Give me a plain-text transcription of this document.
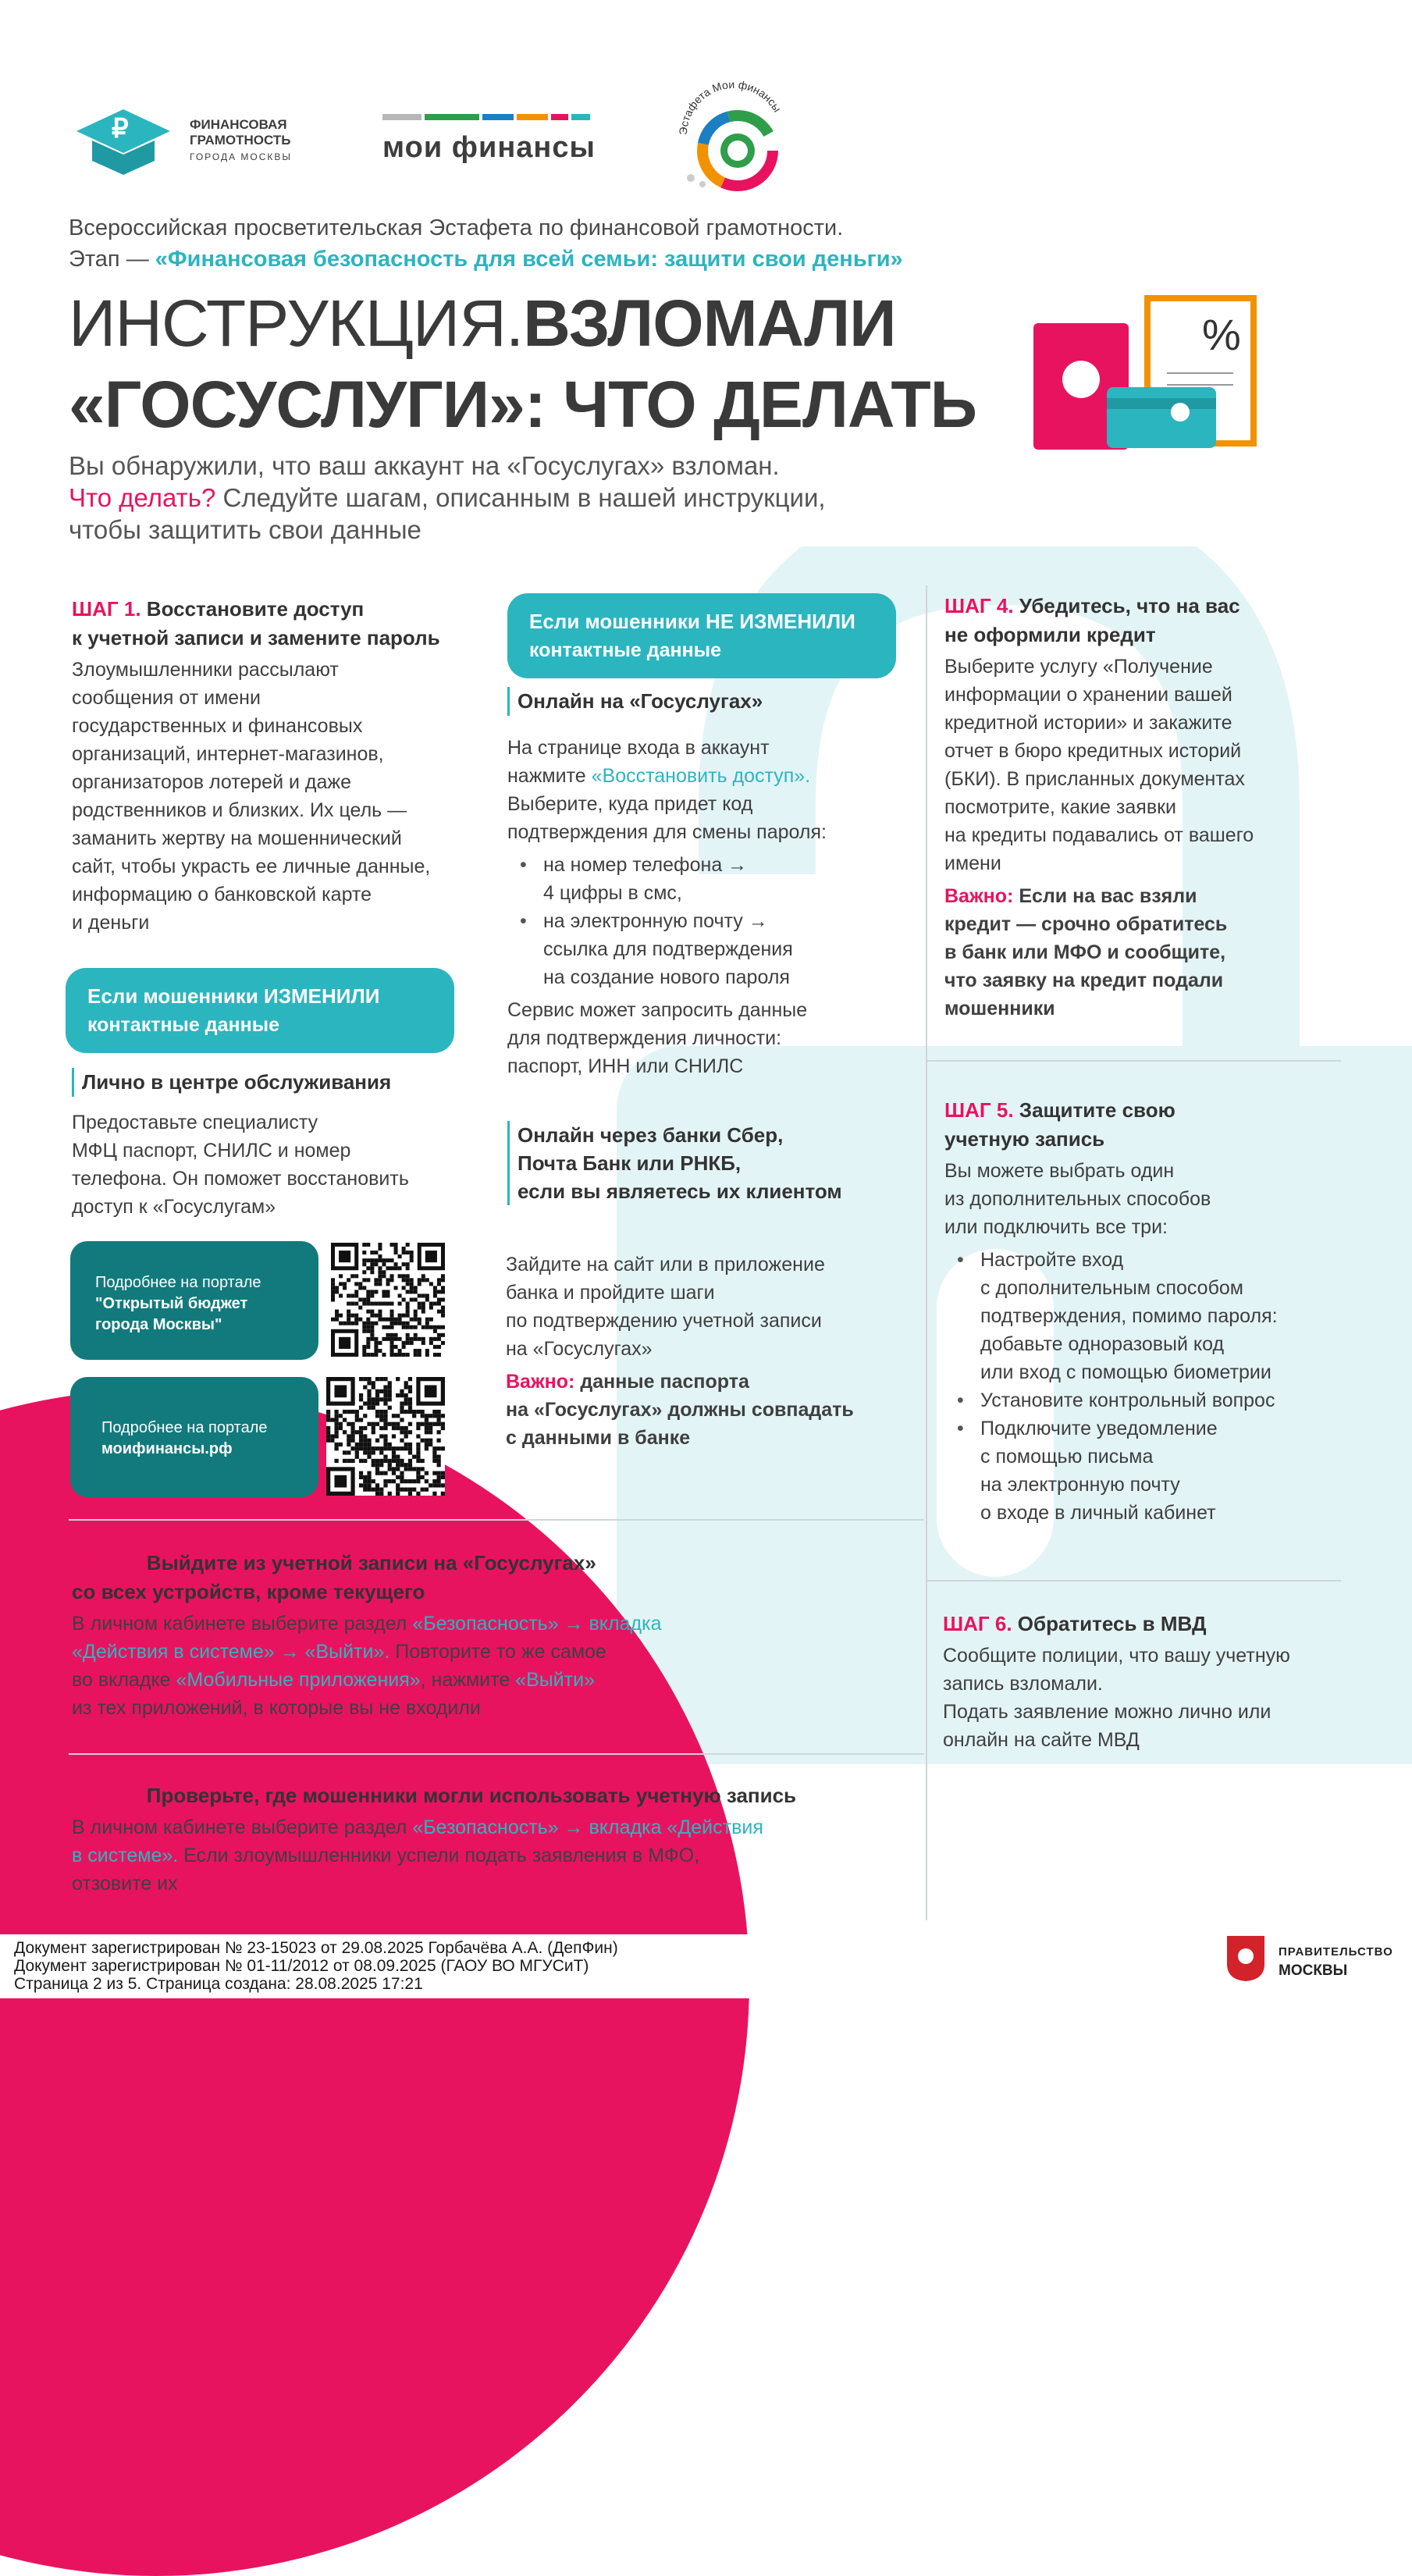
₽	ФИНАНСОВАЯ
ГРАМОТНОСТЬ
ГОРОДА МОСКВЫ	мои финансы
Эстафета Мои финансы
Всероссийская просветительская Эстафета по финансовой грамотности.
Этап — «Финансовая безопасность для всей семьи: защити свои деньги»
ИНСТРУКЦИЯ.ВЗЛОМАЛИ
«ГОСУСЛУГИ»: ЧТО ДЕЛАТЬ
%
Вы обнаружили, что ваш аккаунт на «Госуслугах» взломан.
Что делать? Следуйте шагам, описанным в нашей инструкции,
чтобы защитить свои данные

ШАГ 1. Восстановите доступ
к учетной записи и замените пароль

Злоумышленники рассылают
сообщения от имени
государственных и финансовых
организаций, интернет-магазинов,
организаторов лотерей и даже
родственников и близких. Их цель —
заманить жертву на мошеннический
сайт, чтобы украсть ее личные данные,
информацию о банковской карте
и деньги
Если мошенники ИЗМЕНИЛИ
контактные данные
Лично в центре обслуживания
Предоставьте специалисту
МФЦ паспорт, СНИЛС и номер
телефона. Он поможет восстановить
доступ к «Госуслугам»
Подробнее на портале
"Открытый бюджет
города Москвы"
Подробнее на портале
моифинансы.рф
Если мошенники НЕ ИЗМЕНИЛИ
контактные данные
Онлайн на «Госуслугах»
На странице входа в аккаунт
нажмите «Восстановить доступ».
Выберите, куда придет код
подтверждения для смены пароля:
• на номер телефона →
4 цифры в смс,
• на электронную почту →
ссылка для подтверждения
на создание нового пароля
Сервис может запросить данные
для подтверждения личности:
паспорт, ИНН или СНИЛС
Онлайн через банки Сбер,
Почта Банк или РНКБ,
если вы являетесь их клиентом
Зайдите на сайт или в приложение
банка и пройдите шаги
по подтверждению учетной записи
на «Госуслугах»
Важно: данные паспорта
на «Госуслугах» должны совпадать
с данными в банке

ШАГ 4. Убедитесь, что на вас
не оформили кредит

Выберите услугу «Получение
информации о хранении вашей
кредитной истории» и закажите
отчет в бюро кредитных историй
(БКИ). В присланных документах
посмотрите, какие заявки
на кредиты подавались от вашего
имени
Важно: Если на вас взяли
кредит — срочно обратитесь
в банк или МФО и сообщите,
что заявку на кредит подали
мошенники

ШАГ 5. Защитите свою
учетную запись

Вы можете выбрать один
из дополнительных способов
или подключить все три:
• Настройте вход
с дополнительным способом
подтверждения, помимо пароля:
добавьте одноразовый код
или вход с помощью биометрии
• Установите контрольный вопрос
• Подключите уведомление
с помощью письма
на электронную почту
о входе в личный кабинет

ШАГ 6. Обратитесь в МВД

Сообщите полиции, что вашу учетную
запись взломали.
Подать заявление можно лично или
онлайн на сайте МВД

ШАГ 2. Выйдите из учетной записи на «Госуслугах»
со всех устройств, кроме текущего

В личном кабинете выберите раздел «Безопасность» → вкладка
«Действия в системе» → «Выйти». Повторите то же самое
во вкладке «Мобильные приложения», нажмите «Выйти»
из тех приложений, в которые вы не входили

ШАГ 3. Проверьте, где мошенники могли использовать учетную запись

В личном кабинете выберите раздел «Безопасность» → вкладка «Действия
в системе». Если злоумышленники успели подать заявления в МФО,
отзовите их
Документ зарегистрирован № 23-15023 от 29.08.2025 Горбачёва А.А. (ДепФин)
Документ зарегистрирован № 01-11/2012 от 08.09.2025 (ГАОУ ВО МГУСиТ)
Страница 2 из 5. Страница создана: 28.08.2025 17:21
ПРАВИТЕЛЬСТВО
МОСКВЫ
